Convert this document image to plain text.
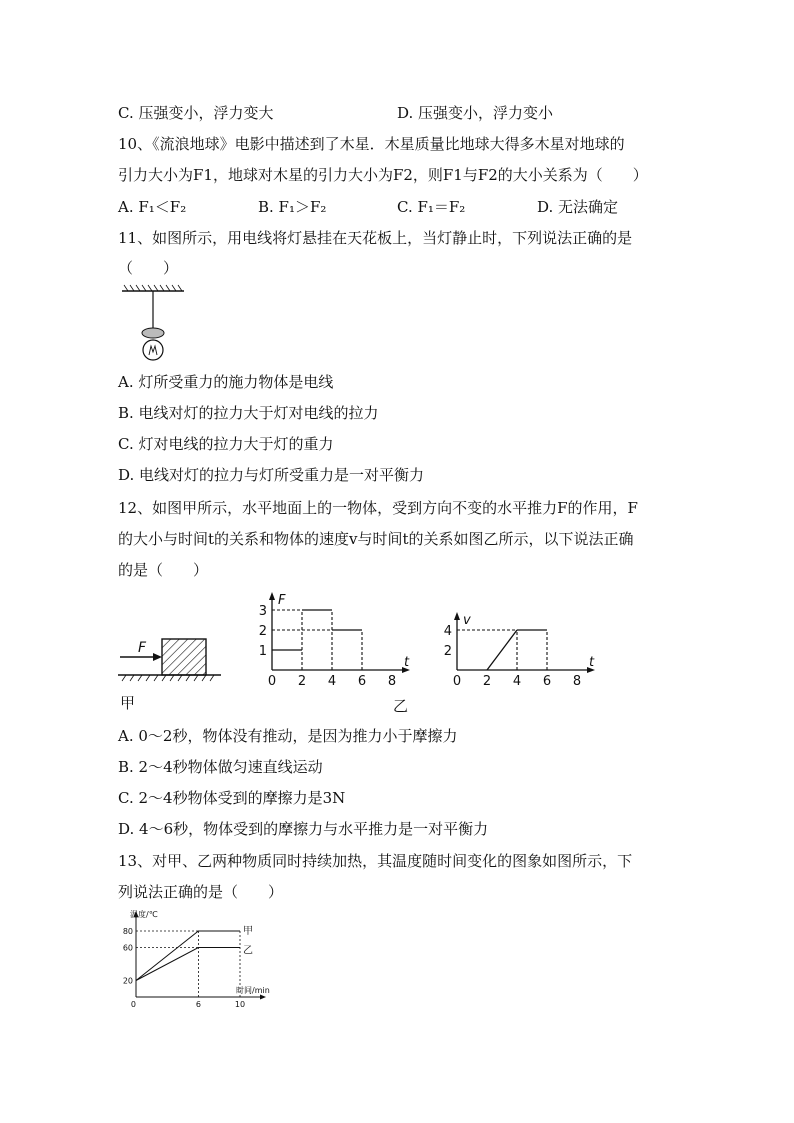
C. 压强变小，浮力变大	D. 压强变小，浮力变小
10、《流浪地球》电影中描述到了木星．木星质量比地球大得多木星对地球的
引力大小为F1，地球对木星的引力大小为F2，则F1与F2的大小关系为（　　）
A. F₁＜F₂	B. F₁＞F₂	C. F₁＝F₂	D. 无法确定
11、如图所示，用电线将灯悬挂在天花板上，当灯静止时，下列说法正确的是
（　　）
A. 灯所受重力的施力物体是电线
B. 电线对灯的拉力大于灯对电线的拉力
C. 灯对电线的拉力大于灯的重力
D. 电线对灯的拉力与灯所受重力是一对平衡力
12、如图甲所示，水平地面上的一物体，受到方向不变的水平推力F的作用，F
的大小与时间t的关系和物体的速度v与时间t的关系如图乙所示，以下说法正确
的是（　　）
F
甲	乙
t
F
0 2 4 6 8
1
2
3
t
v
0 2 4 6 8
2
4
A. 0～2秒，物体没有推动，是因为推力小于摩擦力
B. 2～4秒物体做匀速直线运动
C. 2～4秒物体受到的摩擦力是3N
D. 4～6秒，物体受到的摩擦力与水平推力是一对平衡力
13、对甲、乙两种物质同时持续加热，其温度随时间变化的图象如图所示，下
列说法正确的是（　　）
温度/℃
时间/min
0	6	10
20
60
80	甲
乙
